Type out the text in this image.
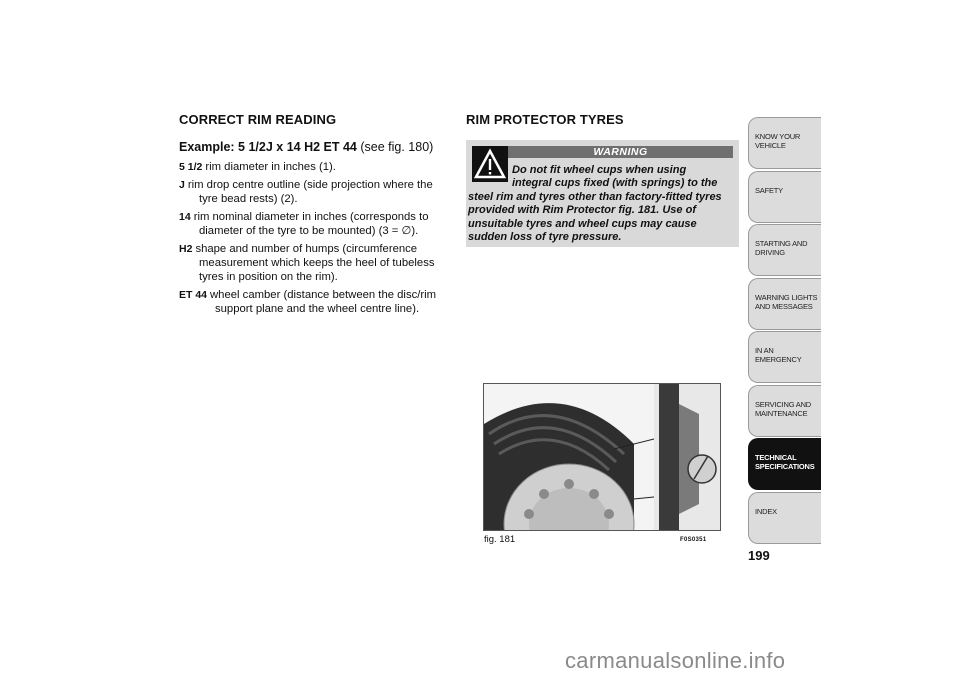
CORRECT RIM READING
Example: 5 1/2J x 14 H2 ET 44 (see fig. 180)
5 1/2 rim diameter in inches (1).
J rim drop centre outline (side projection where the tyre bead rests) (2).
14 rim nominal diameter in inches (corresponds to diameter of the tyre to be mounted) (3 = ∅).
H2 shape and number of humps (circumference measurement which keeps the heel of tubeless tyres in position on the rim).
ET 44 wheel camber (distance between the disc/rim support plane and the wheel centre line).
RIM PROTECTOR TYRES
WARNING
Do not fit wheel cups when using
integral cups fixed (with springs) to the
steel rim and tyres other than factory-fitted tyres provided with Rim Protector fig. 181. Use of unsuitable tyres and wheel cups may cause sudden loss of tyre pressure.
fig. 181	F0S0351
KNOW YOUR
VEHICLE
SAFETY
STARTING AND
DRIVING
WARNING LIGHTS
AND MESSAGES
IN AN EMERGENCY
SERVICING AND
MAINTENANCE
TECHNICAL
SPECIFICATIONS
INDEX
199
carmanualsonline.info
